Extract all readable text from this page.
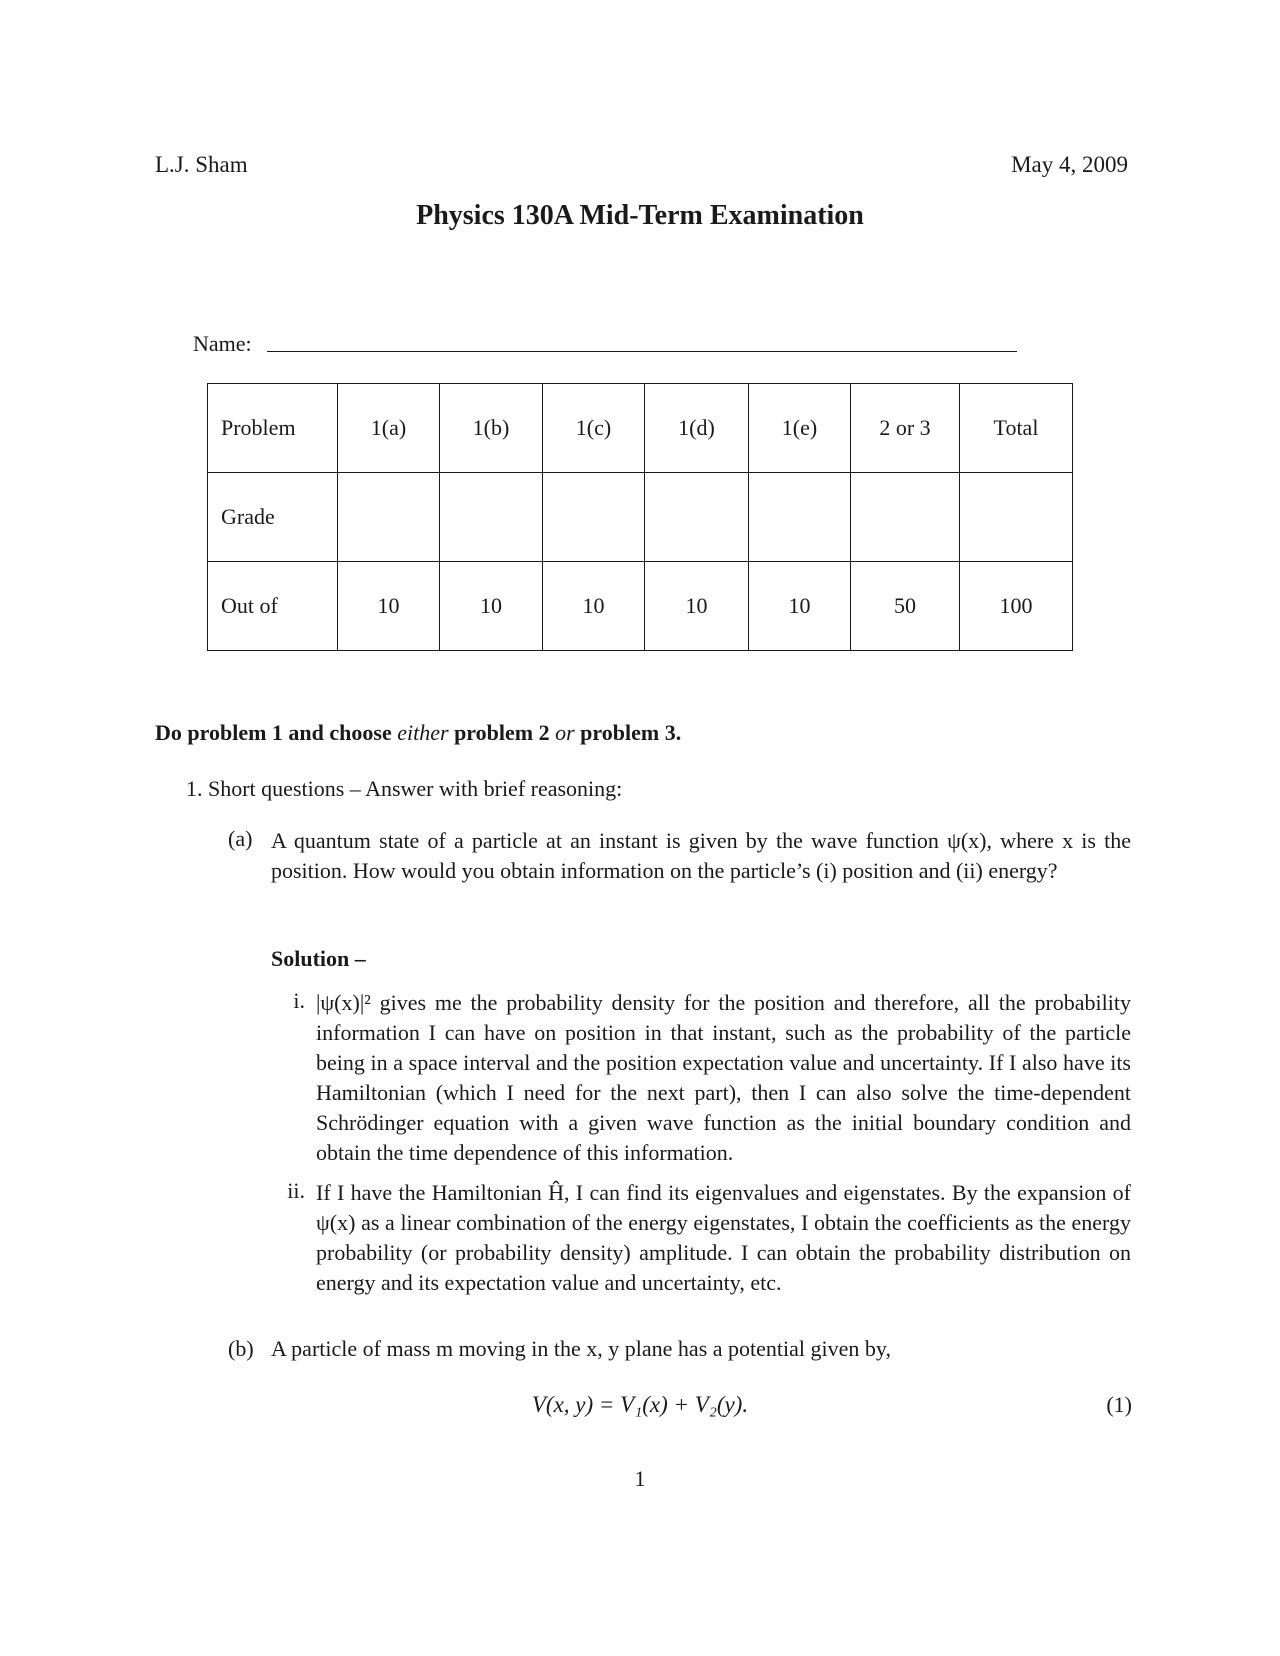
L.J. Sham	May 4, 2009
Physics 130A Mid-Term Examination
Name:
Problem	1(a)	1(b)	1(c)	1(d)	1(e)	2 or 3	Total
Grade							
Out of	10	10	10	10	10	50	100
Do problem 1 and choose either problem 2 or problem 3.
1. Short questions – Answer with brief reasoning:
(a) A quantum state of a particle at an instant is given by the wave function ψ(x), where x is the position. How would you obtain information on the particle’s (i) position and (ii) energy?
Solution –
i. |ψ(x)|² gives me the probability density for the position and therefore, all the probability information I can have on position in that instant, such as the probability of the particle being in a space interval and the position expectation value and uncertainty. If I also have its Hamiltonian (which I need for the next part), then I can also solve the time-dependent Schrödinger equation with a given wave function as the initial boundary condition and obtain the time dependence of this information.
ii. If I have the Hamiltonian Ĥ, I can find its eigenvalues and eigenstates. By the expansion of ψ(x) as a linear combination of the energy eigenstates, I obtain the coefficients as the energy probability (or probability density) amplitude. I can obtain the probability distribution on energy and its expectation value and uncertainty, etc.
(b) A particle of mass m moving in the x, y plane has a potential given by,
V(x, y) = V₁(x) + V₂(y).	(1)
1
